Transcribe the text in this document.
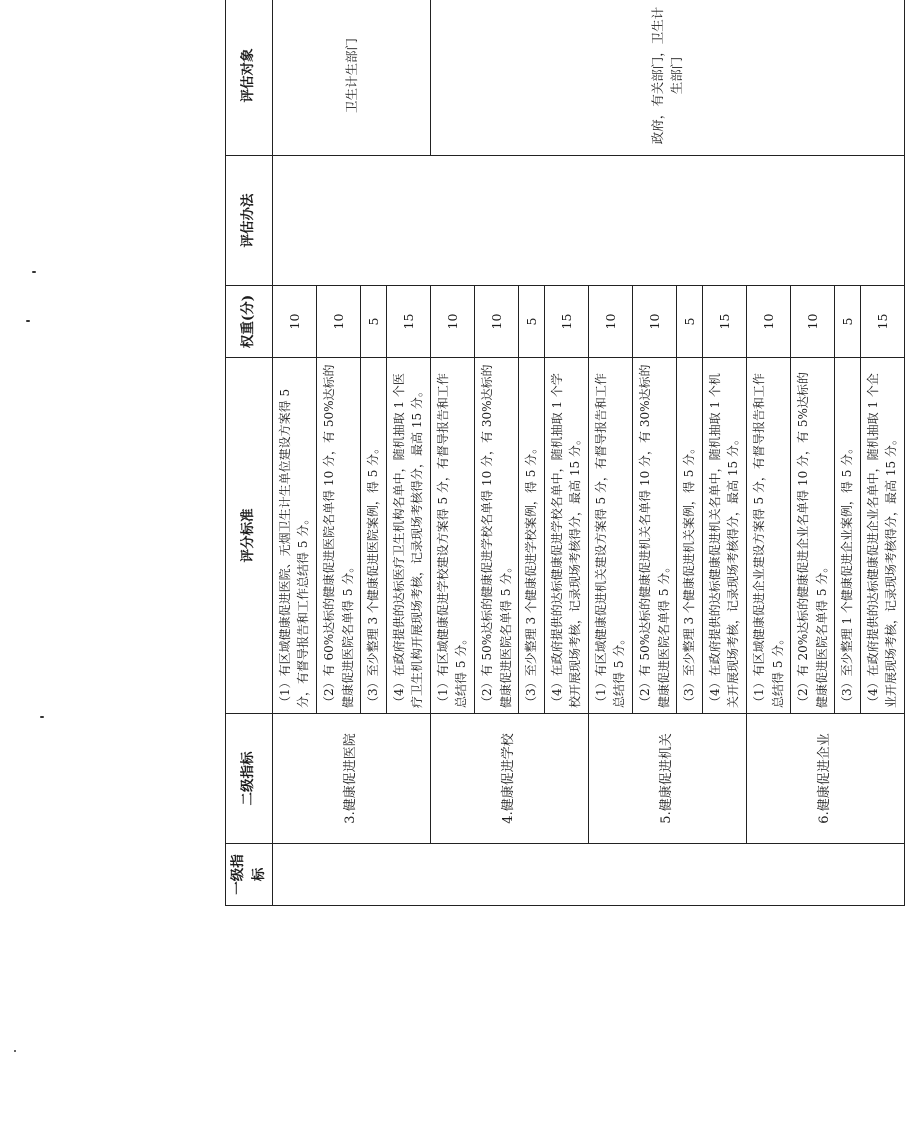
一级指标	二级指标	评分标准	权重(分)	评估办法	评估对象	
	3.健康促进医院	（1）有区域健康促进医院、无烟卫生计生单位建设方案得 5 分，有督导报告和工作总结得 5 分。	10		卫生计生部门	
		（2）有 60%达标的健康促进医院名单得 10 分，有 50%达标的健康促进医院名单得 5 分。	10			
		（3）至少整理 3 个健康促进医院案例，得 5 分。	5			
		（4）在政府提供的达标医疗卫生机构名单中，随机抽取 1 个医疗卫生机构开展现场考核，记录现场考核得分，最高 15 分。	15			
	4.健康促进学校	（1）有区域健康促进学校建设方案得 5 分，有督导报告和工作总结得 5 分。	10		政府，有关部门，卫生计生部门	
		（2）有 50%达标的健康促进学校名单得 10 分，有 30%达标的健康促进医院名单得 5 分。	10			
		（3）至少整理 3 个健康促进学校案例，得 5 分。	5			
		（4）在政府提供的达标健康促进学校名单中，随机抽取 1 个学校开展现场考核，记录现场考核得分，最高 15 分。	15			
	5.健康促进机关	（1）有区域健康促进机关建设方案得 5 分，有督导报告和工作总结得 5 分。	10			
		（2）有 50%达标的健康促进机关名单得 10 分，有 30%达标的健康促进医院名单得 5 分。	10			
		（3）至少整理 3 个健康促进机关案例，得 5 分。	5			
		（4）在政府提供的达标健康促进机关名单中，随机抽取 1 个机关开展现场考核，记录现场考核得分，最高 15 分。	15			
	6.健康促进企业	（1）有区域健康促进企业建设方案得 5 分，有督导报告和工作总结得 5 分。	10			
		（2）有 20%达标的健康促进企业名单得 10 分，有 5%达标的健康促进医院名单得 5 分。	10			
		（3）至少整理 1 个健康促进企业案例，得 5 分。	5			
		（4）在政府提供的达标健康促进企业名单中，随机抽取 1 个企业开展现场考核，记录现场考核得分，最高 15 分。	15			
